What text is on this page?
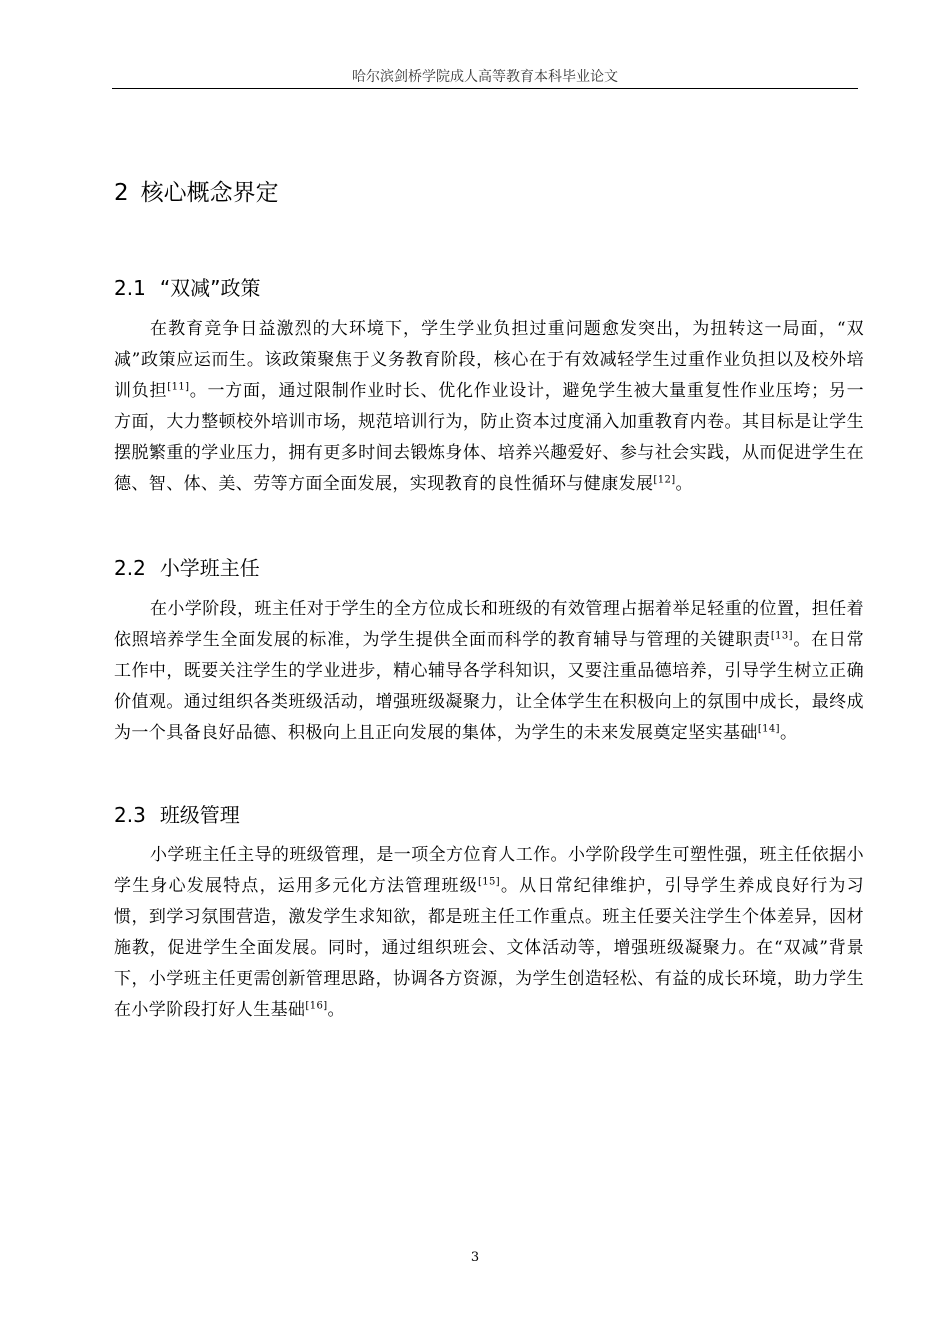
哈尔滨剑桥学院成人高等教育本科毕业论文
2 核心概念界定
2.1 “双减”政策

在教育竞争日益激烈的大环境下，学生学业负担过重问题愈发突出，为扭转这一局面，“双减”政策应运而生。该政策聚焦于义务教育阶段，核心在于有效减轻学生过重作业负担以及校外培训负担[11]。一方面，通过限制作业时长、优化作业设计，避免学生被大量重复性作业压垮；另一方面，大力整顿校外培训市场，规范培训行为，防止资本过度涌入加重教育内卷。其目标是让学生摆脱繁重的学业压力，拥有更多时间去锻炼身体、培养兴趣爱好、参与社会实践，从而促进学生在德、智、体、美、劳等方面全面发展，实现教育的良性循环与健康发展[12]。

2.2 小学班主任

在小学阶段，班主任对于学生的全方位成长和班级的有效管理占据着举足轻重的位置，担任着依照培养学生全面发展的标准，为学生提供全面而科学的教育辅导与管理的关键职责[13]。在日常工作中，既要关注学生的学业进步，精心辅导各学科知识，又要注重品德培养，引导学生树立正确价值观。通过组织各类班级活动，增强班级凝聚力，让全体学生在积极向上的氛围中成长，最终成为一个具备良好品德、积极向上且正向发展的集体，为学生的未来发展奠定坚实基础[14]。

2.3 班级管理

小学班主任主导的班级管理，是一项全方位育人工作。小学阶段学生可塑性强，班主任依据小学生身心发展特点，运用多元化方法管理班级[15]。从日常纪律维护，引导学生养成良好行为习惯，到学习氛围营造，激发学生求知欲，都是班主任工作重点。班主任要关注学生个体差异，因材施教，促进学生全面发展。同时，通过组织班会、文体活动等，增强班级凝聚力。在“双减”背景下，小学班主任更需创新管理思路，协调各方资源，为学生创造轻松、有益的成长环境，助力学生在小学阶段打好人生基础[16]。

3
